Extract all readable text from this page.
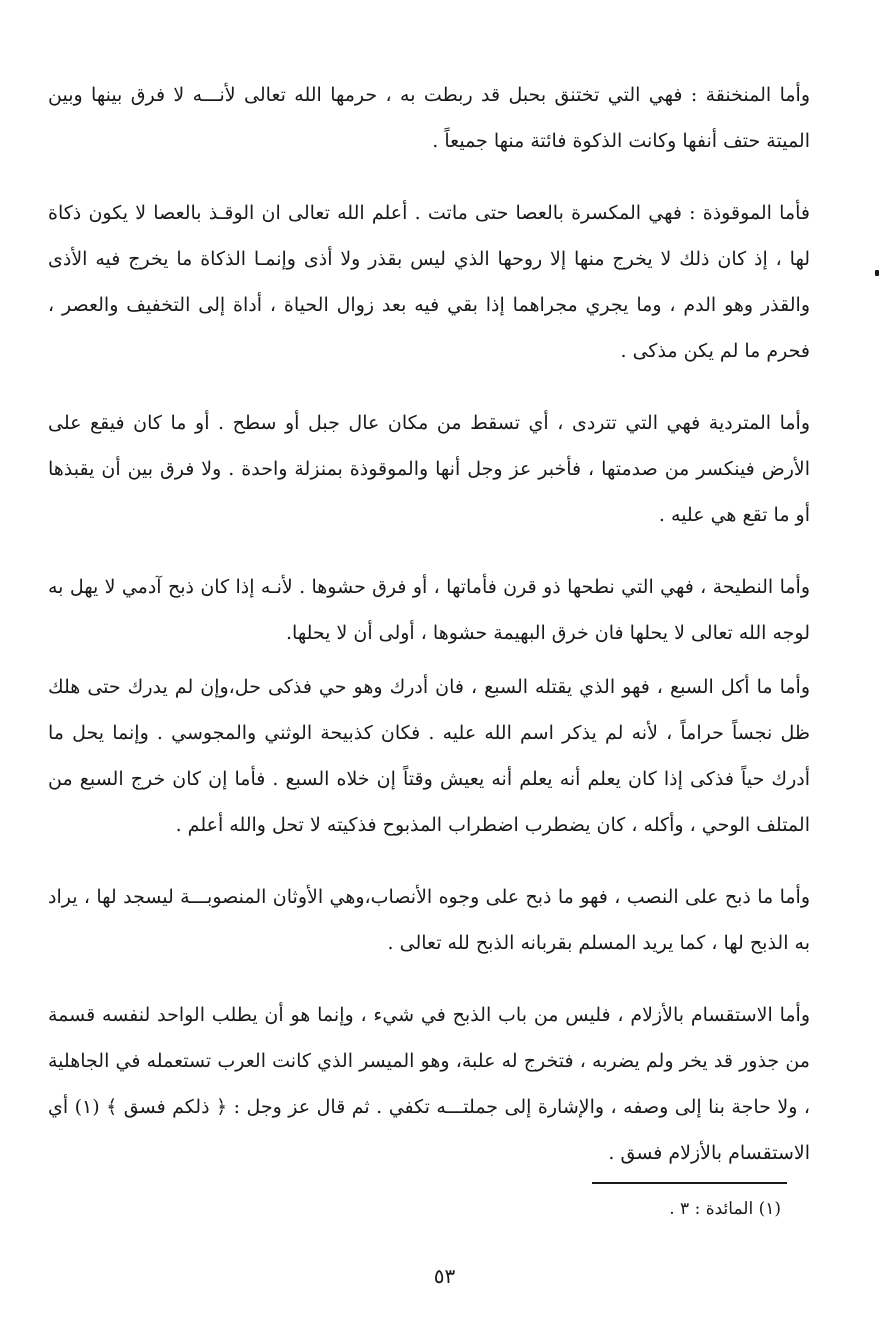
وأما المنخنقة : فهي التي تختنق بحبل قد ربطت به ، حرمها الله تعالى لأنـــه لا فرق بينها وبين الميتة حتف أنفها وكانت الذكوة فائتة منها جميعاً .

فأما الموقوذة : فهي المكسرة بالعصا حتى ماتت . أعلم الله تعالى ان الوقـذ بالعصا لا يكون ذكاة لها ، إذ كان ذلك لا يخرج منها إلا روحها الذي ليس بقذر ولا أذى وإنمـا الذكاة ما يخرج فيه الأذى والقذر وهو الدم ، وما يجري مجراهما إذا بقي فيه بعد زوال الحياة ، أداة إلى التخفيف والعصر ، فحرم ما لم يكن مذكى .

وأما المتردية فهي التي تتردى ، أي تسقط من مكان عال جبل أو سطح . أو ما كان فيقع على الأرض فينكسر من صدمتها ، فأخبر عز وجل أنها والموقوذة بمنزلة واحدة . ولا فرق بين أن يقبذها أو ما تقع هي عليه .

وأما النطيحة ، فهي التي نطحها ذو قرن فأماتها ، أو فرق حشوها . لأنـه إذا كان ذبح آدمي لا يهل به لوجه الله تعالى لا يحلها فان خرق البهيمة حشوها ، أولى أن لا يحلها.

وأما ما أكل السبع ، فهو الذي يقتله السبع ، فان أدرك وهو حي فذكى حل،وإن لم يدرك حتى هلك ظل نجساً حراماً ، لأنه لم يذكر اسم الله عليه . فكان كذبيحة الوثني والمجوسي . وإنما يحل ما أدرك حياً فذكى إذا كان يعلم أنه يعلم أنه يعيش وقتاً إن خلاه السبع . فأما إن كان خرج السبع من المتلف الوحي ، وأكله ، كان يضطرب اضطراب المذبوح فذكيته لا تحل والله أعلم .

وأما ما ذبح على النصب ، فهو ما ذبح على وجوه الأنصاب،وهي الأوثان المنصوبـــة ليسجد لها ، يراد به الذبح لها ، كما يريد المسلم بقربانه الذبح لله تعالى .

وأما الاستقسام بالأزلام ، فليس من باب الذبح في شيء ، وإنما هو أن يطلب الواحد لنفسه قسمة من جذور قد يخر ولم يضربه ، فتخرج له علبة، وهو الميسر الذي كانت العرب تستعمله في الجاهلية ، ولا حاجة بنا إلى وصفه ، والإشارة إلى جملتـــه تكفي . ثم قال عز وجل : ﴿ ذلكم فسق ﴾ (١) أي الاستقسام بالأزلام فسق .

(١) المائدة : ٣ .
٥٣
